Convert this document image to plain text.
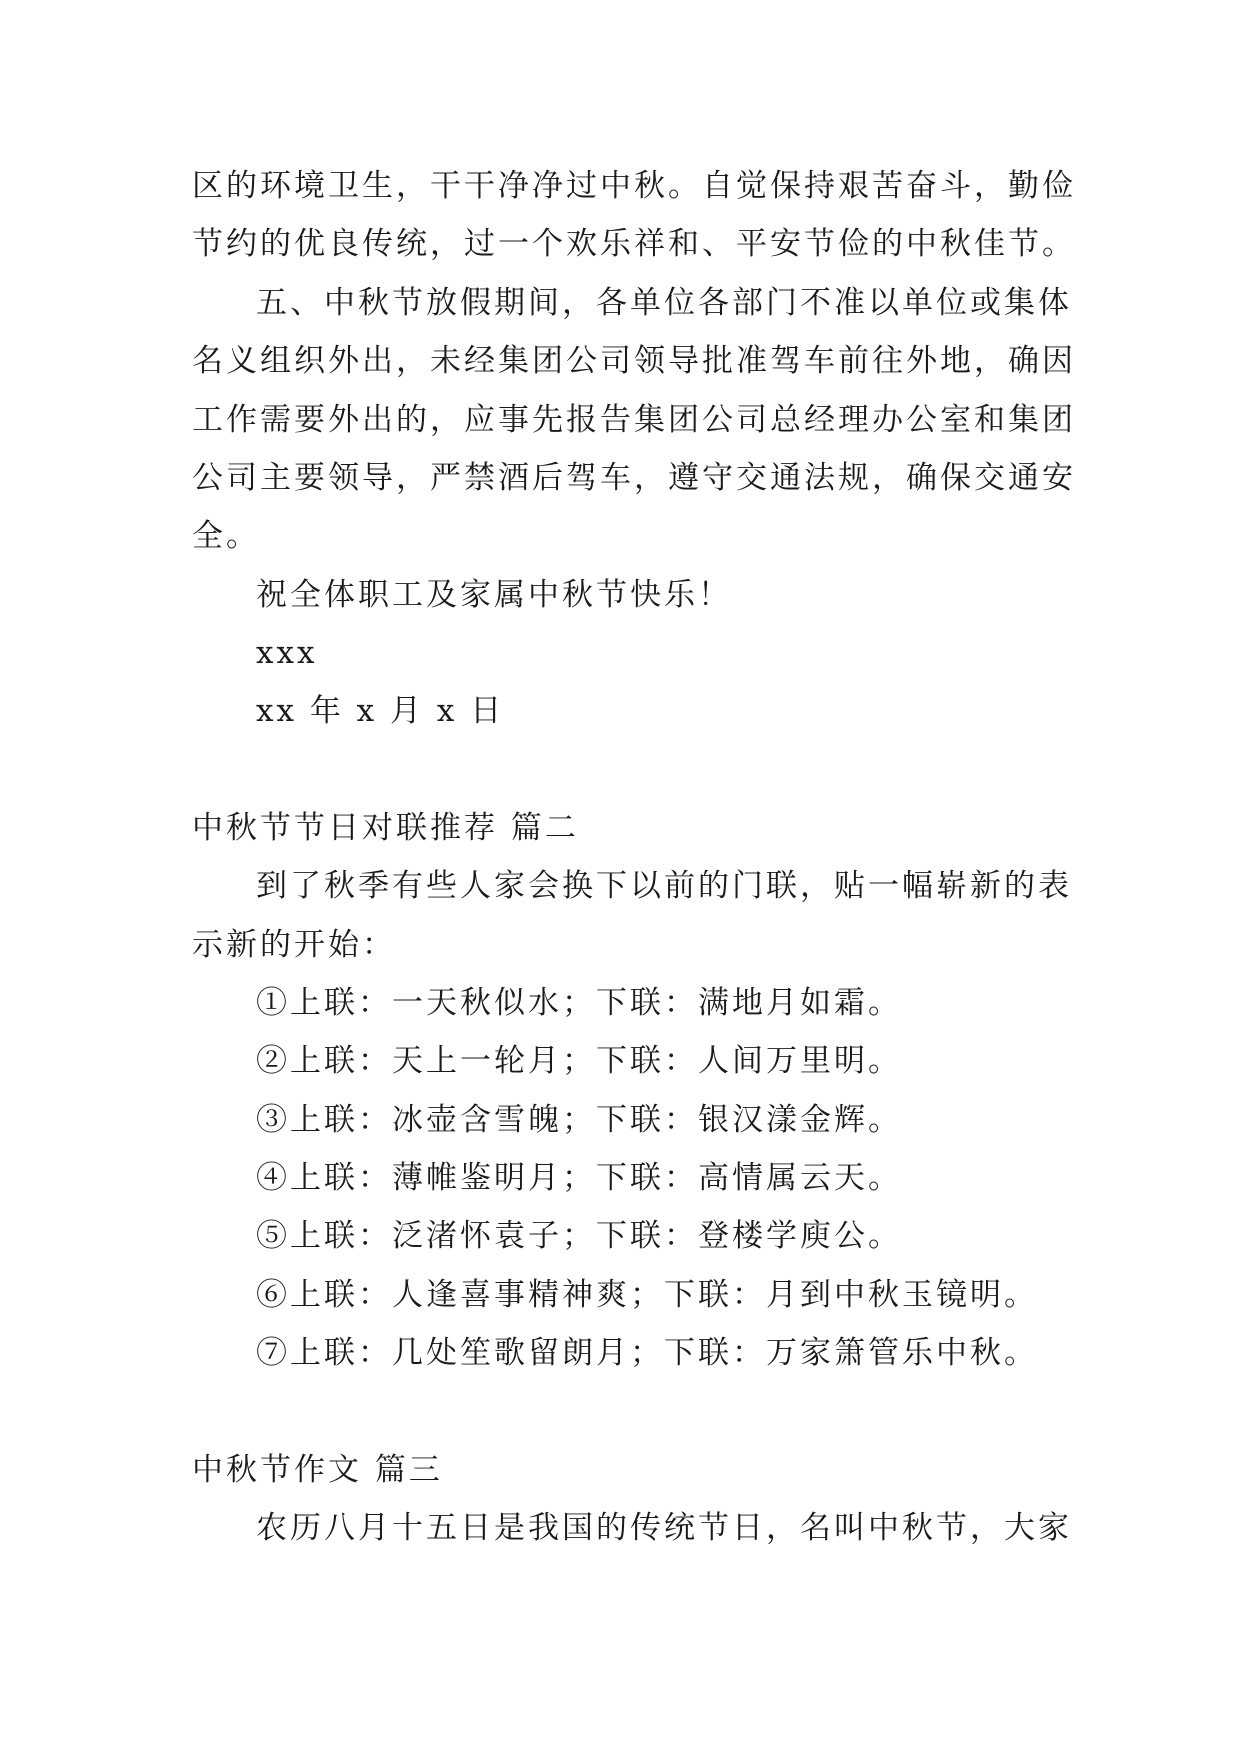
区的环境卫生，干干净净过中秋。自觉保持艰苦奋斗，勤俭
节约的优良传统，过一个欢乐祥和、平安节俭的中秋佳节。
五、中秋节放假期间，各单位各部门不准以单位或集体
名义组织外出，未经集团公司领导批准驾车前往外地，确因
工作需要外出的，应事先报告集团公司总经理办公室和集团
公司主要领导，严禁酒后驾车，遵守交通法规，确保交通安
全。
祝全体职工及家属中秋节快乐！
xxx
xx 年 x 月 x 日
中秋节节日对联推荐 篇二
到了秋季有些人家会换下以前的门联，贴一幅崭新的表
示新的开始：
①上联：一天秋似水；下联：满地月如霜。
②上联：天上一轮月；下联：人间万里明。
③上联：冰壶含雪魄；下联：银汉漾金辉。
④上联：薄帷鉴明月；下联：高情属云天。
⑤上联：泛渚怀袁子；下联：登楼学庾公。
⑥上联：人逢喜事精神爽；下联：月到中秋玉镜明。
⑦上联：几处笙歌留朗月；下联：万家箫管乐中秋。
中秋节作文 篇三
农历八月十五日是我国的传统节日，名叫中秋节，大家
